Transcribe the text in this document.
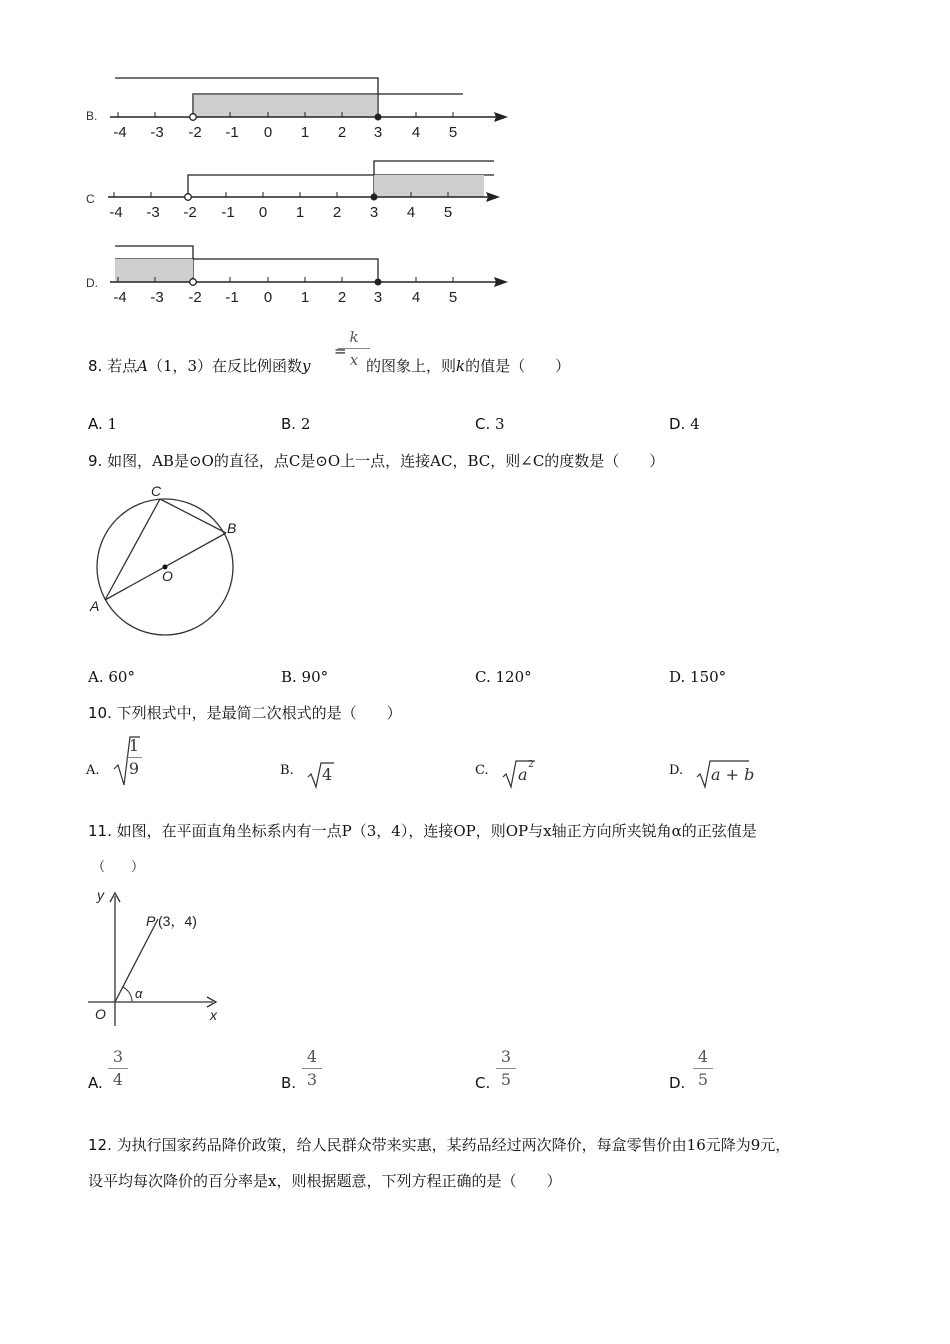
B.
-4 -3 -2 -1 0 1 2 3 4 5
C
-4 -3 -2 -1 0 1 2 3 4 5
D.
-4 -3 -2 -1 0 1 2 3 4 5
8. 若点A（1，3）在反比例函数y
k
x
=
的图象上，则k的值是（　　）
A. 1	B. 2	C. 3	D. 4
9. 如图，AB是⊙O的直径，点C是⊙O上一点，连接AC，BC，则∠C的度数是（　　）
C
B
O
A
A. 60°	B. 90°	C. 120°	D. 150°
10. 下列根式中，是最简二次根式的是（　　）
A.
1
9	B. 4	C. a 2	D. a + b
11. 如图，在平面直角坐标系内有一点P（3，4），连接OP，则OP与x轴正方向所夹锐角α的正弦值是
（　　）
y
x
O
α
P (3，4)
A.
3
4	B.
4
3	C.
3
5	D.
4
5
12. 为执行国家药品降价政策，给人民群众带来实惠，某药品经过两次降价，每盒零售价由16元降为9元，
设平均每次降价的百分率是x，则根据题意，下列方程正确的是（　　）
